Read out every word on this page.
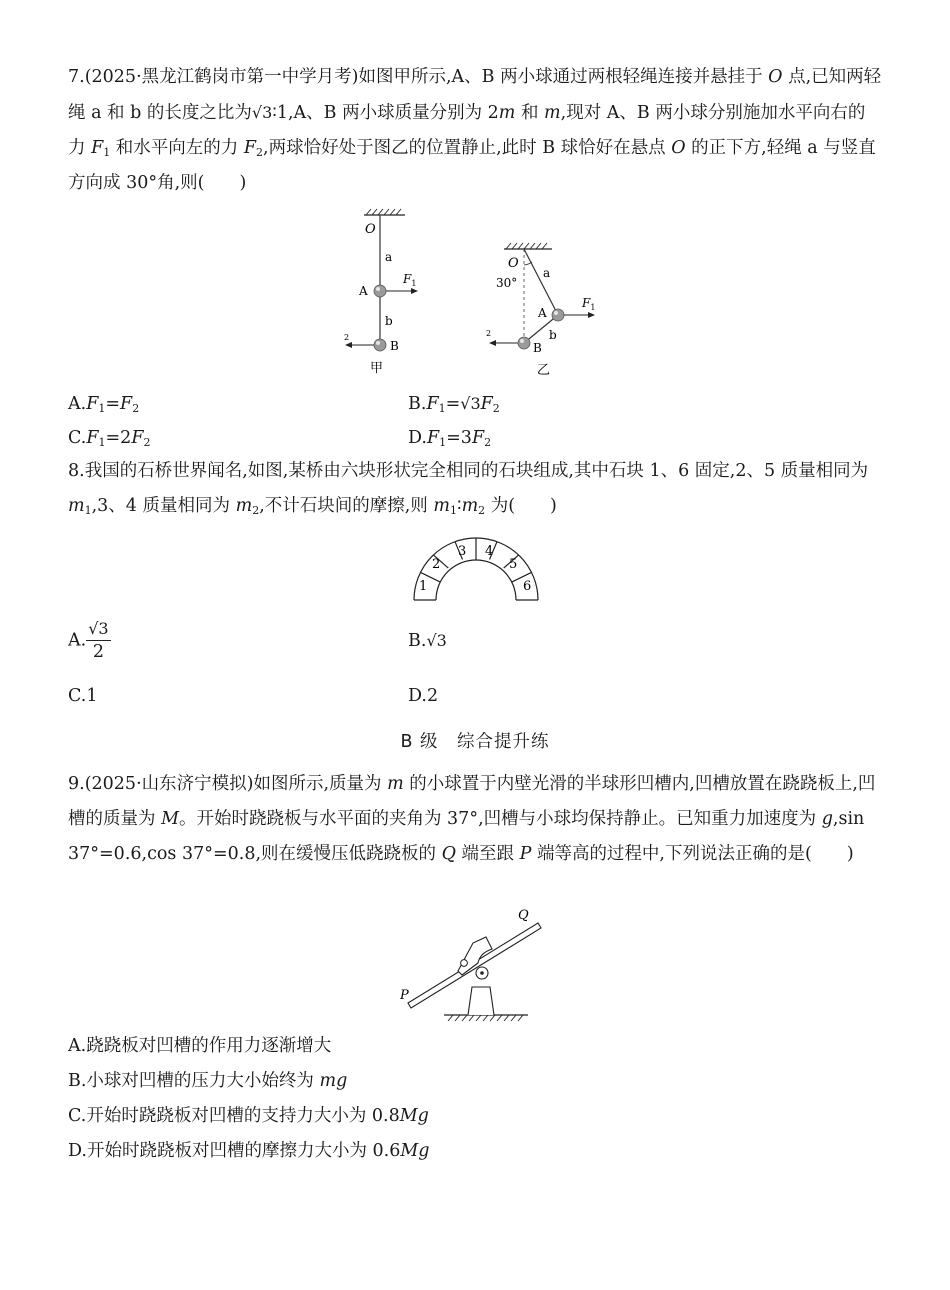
7.(2025·黑龙江鹤岗市第一中学月考)如图甲所示,A、B 两小球通过两根轻绳连接并悬挂于 O 点,已知两轻绳 a 和 b 的长度之比为√3∶1,A、B 两小球质量分别为 2m 和 m,现对 A、B 两小球分别施加水平向右的力 $F_1$ 和水平向左的力 $F_2$,两球恰好处于图乙的位置静止,此时 B 球恰好在悬点 O 的正下方,轻绳 a 与竖直方向成 30°角,则(　　)
O
a
b
$F_1$
$_2$
A
B
甲
O
30°
a
b
$F_1$
$_2$
A
B
乙
$A.F_1=F_2$	$B.F_1=√3F_2$
$C.F_1=2F_2$	$D.F_1=3F_2$
8.我国的石桥世界闻名,如图,某桥由六块形状完全相同的石块组成,其中石块 1、6 固定,2、5 质量相同为 $m_1,3$、4 质量相同为 $m_2$,不计石块间的摩擦,则 $m_1∶m_2$ 为(　　)
1
2
3 4
5
6
A. $\frac{√3}{2}$	B.√3
C.1	D.2
B 级　综合提升练
9.(2025·山东济宁模拟)如图所示,质量为 m 的小球置于内壁光滑的半球形凹槽内,凹槽放置在跷跷板上,凹槽的质量为 M。开始时跷跷板与水平面的夹角为 37°,凹槽与小球均保持静止。已知重力加速度为 g,sin 37°=0.6,cos 37°=0.8,则在缓慢压低跷跷板的 Q 端至跟 P 端等高的过程中,下列说法正确的是(　　)
P
Q
A.跷跷板对凹槽的作用力逐渐增大
B.小球对凹槽的压力大小始终为 mg
C.开始时跷跷板对凹槽的支持力大小为 0.8Mg
D.开始时跷跷板对凹槽的摩擦力大小为 0.6Mg
